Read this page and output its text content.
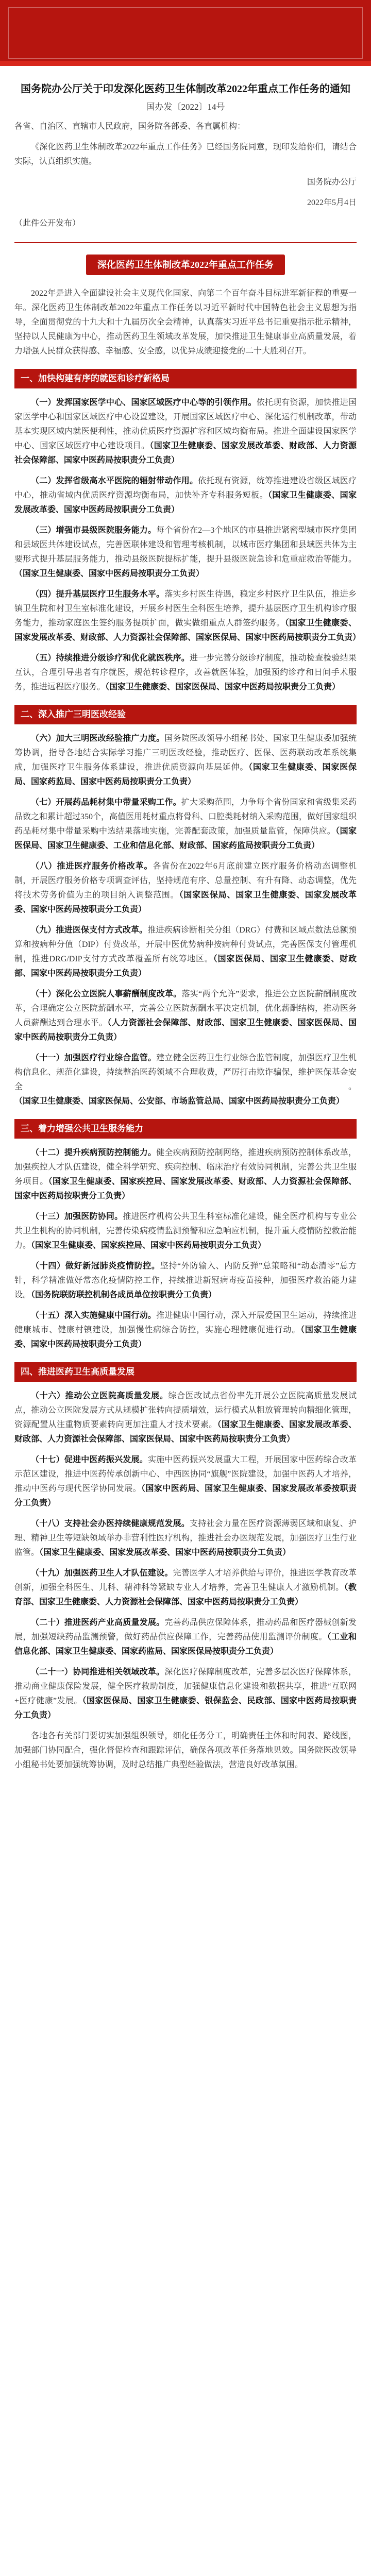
国务院办公厅关于印发深化医药卫生体制改革2022年重点工作任务的通知
国办发〔2022〕14号

各省、自治区、直辖市人民政府，国务院各部委、各直属机构：

《深化医药卫生体制改革2022年重点工作任务》已经国务院同意，现印发给你们，请结合实际，认真组织实施。

国务院办公厅

2022年5月4日

（此件公开发布）

深化医药卫生体制改革2022年重点工作任务

2022年是进入全面建设社会主义现代化国家、向第二个百年奋斗目标进军新征程的重要一年。深化医药卫生体制改革2022年重点工作任务以习近平新时代中国特色社会主义思想为指导，全面贯彻党的十九大和十九届历次全会精神，认真落实习近平总书记重要指示批示精神，坚持以人民健康为中心，推动医药卫生领域改革发展，加快推进卫生健康事业高质量发展，着力增强人民群众获得感、幸福感、安全感，以优异成绩迎接党的二十大胜利召开。

一、加快构建有序的就医和诊疗新格局

（一）发挥国家医学中心、国家区域医疗中心等的引领作用。依托现有资源，加快推进国家医学中心和国家区域医疗中心设置建设，开展国家区域医疗中心、深化运行机制改革，带动基本实现区域内就医便利性，推动优质医疗资源扩容和区域均衡布局。推进全面建设国家医学中心、国家区域医疗中心建设项目。（国家卫生健康委、国家发展改革委、财政部、人力资源社会保障部、国家中医药局按职责分工负责）

（二）发挥省级高水平医院的辐射带动作用。依托现有资源，统筹推进建设省级区域医疗中心，推动省域内优质医疗资源均衡布局，加快补齐专科服务短板。（国家卫生健康委、国家发展改革委、国家中医药局按职责分工负责）

（三）增强市县级医院服务能力。每个省份在2—3个地区的市县推进紧密型城市医疗集团和县域医共体建设试点，完善医联体建设和管理考核机制，以城市医疗集团和县域医共体为主要形式提升基层服务能力，推动县级医院提标扩能，提升县级医院急诊和危重症救治等能力。（国家卫生健康委、国家中医药局按职责分工负责）

（四）提升基层医疗卫生服务水平。落实乡村医生待遇，稳定乡村医疗卫生队伍，推进乡镇卫生院和村卫生室标准化建设，开展乡村医生全科医生培养，提升基层医疗卫生机构诊疗服务能力，推动家庭医生签约服务提质扩面，做实做细重点人群签约服务。（国家卫生健康委、国家发展改革委、财政部、人力资源社会保障部、国家医保局、国家中医药局按职责分工负责）

（五）持续推进分级诊疗和优化就医秩序。进一步完善分级诊疗制度，推动检查检验结果互认，合理引导患者有序就医，规范转诊程序，改善就医体验，加强预约诊疗和日间手术服务，推进远程医疗服务。（国家卫生健康委、国家医保局、国家中医药局按职责分工负责）

二、深入推广三明医改经验

（六）加大三明医改经验推广力度。国务院医改领导小组秘书处、国家卫生健康委加强统筹协调，指导各地结合实际学习推广三明医改经验，推动医疗、医保、医药联动改革系统集成，加强医疗卫生服务体系建设，推进优质资源向基层延伸。（国家卫生健康委、国家医保局、国家药监局、国家中医药局按职责分工负责）

（七）开展药品耗材集中带量采购工作。扩大采购范围，力争每个省份国家和省级集采药品数之和累计超过350个，高值医用耗材重点将骨科、口腔类耗材纳入采购范围，做好国家组织药品耗材集中带量采购中选结果落地实施，完善配套政策，加强质量监管，保障供应。（国家医保局、国家卫生健康委、工业和信息化部、财政部、国家药监局按职责分工负责）

（八）推进医疗服务价格改革。各省份在2022年6月底前建立医疗服务价格动态调整机制，开展医疗服务价格专项调查评估，坚持规范有序、总量控制、有升有降、动态调整，优先将技术劳务价值为主的项目纳入调整范围。（国家医保局、国家卫生健康委、国家发展改革委、国家中医药局按职责分工负责）

（九）推进医保支付方式改革。推进疾病诊断相关分组（DRG）付费和区域点数法总额预算和按病种分值（DIP）付费改革，开展中医优势病种按病种付费试点，完善医保支付管理机制，推进DRG/DIP支付方式改革覆盖所有统筹地区。（国家医保局、国家卫生健康委、财政部、国家中医药局按职责分工负责）

（十）深化公立医院人事薪酬制度改革。落实“两个允许”要求，推进公立医院薪酬制度改革，合理确定公立医院薪酬水平，完善公立医院薪酬水平决定机制，优化薪酬结构，推动医务人员薪酬达到合理水平。（人力资源社会保障部、财政部、国家卫生健康委、国家医保局、国家中医药局按职责分工负责）

（十一）加强医疗行业综合监管。建立健全医药卫生行业综合监管制度，加强医疗卫生机构信息化、规范化建设，持续整治医药领域不合理收费，严厉打击欺诈骗保，维护医保基金安全。（国家卫生健康委、国家医保局、公安部、市场监管总局、国家中医药局按职责分工负责）

三、着力增强公共卫生服务能力

（十二）提升疾病预防控制能力。健全疾病预防控制网络，推进疾病预防控制体系改革，加强疾控人才队伍建设，健全科学研究、疾病控制、临床治疗有效协同机制，完善公共卫生服务项目。（国家卫生健康委、国家疾控局、国家发展改革委、财政部、人力资源社会保障部、国家中医药局按职责分工负责）

（十三）加强医防协同。推进医疗机构公共卫生科室标准化建设，健全医疗机构与专业公共卫生机构的协同机制，完善传染病疫情监测预警和应急响应机制，提升重大疫情防控救治能力。（国家卫生健康委、国家疾控局、国家中医药局按职责分工负责）

（十四）做好新冠肺炎疫情防控。坚持“外防输入、内防反弹”总策略和“动态清零”总方针，科学精准做好常态化疫情防控工作，持续推进新冠病毒疫苗接种，加强医疗救治能力建设。（国务院联防联控机制各成员单位按职责分工负责）

（十五）深入实施健康中国行动。推进健康中国行动，深入开展爱国卫生运动，持续推进健康城市、健康村镇建设，加强慢性病综合防控，实施心理健康促进行动。（国家卫生健康委、国家中医药局按职责分工负责）

四、推进医药卫生高质量发展

（十六）推动公立医院高质量发展。综合医改试点省份率先开展公立医院高质量发展试点，推动公立医院发展方式从规模扩张转向提质增效，运行模式从粗放管理转向精细化管理，资源配置从注重物质要素转向更加注重人才技术要素。（国家卫生健康委、国家发展改革委、财政部、人力资源社会保障部、国家医保局、国家中医药局按职责分工负责）

（十七）促进中医药振兴发展。实施中医药振兴发展重大工程，开展国家中医药综合改革示范区建设，推进中医药传承创新中心、中西医协同“旗舰”医院建设，加强中医药人才培养，推动中医药与现代医学协同发展。（国家中医药局、国家卫生健康委、国家发展改革委按职责分工负责）

（十八）支持社会办医持续健康规范发展。支持社会力量在医疗资源薄弱区域和康复、护理、精神卫生等短缺领域举办非营利性医疗机构，推进社会办医规范发展，加强医疗卫生行业监管。（国家卫生健康委、国家发展改革委、国家中医药局按职责分工负责）

（十九）加强医药卫生人才队伍建设。完善医学人才培养供给与评价，推进医学教育改革创新，加强全科医生、儿科、精神科等紧缺专业人才培养，完善卫生健康人才激励机制。（教育部、国家卫生健康委、人力资源社会保障部、国家中医药局按职责分工负责）

（二十）推进医药产业高质量发展。完善药品供应保障体系，推动药品和医疗器械创新发展，加强短缺药品监测预警，做好药品供应保障工作，完善药品使用监测评价制度。（工业和信息化部、国家卫生健康委、国家药监局、国家医保局按职责分工负责）

（二十一）协同推进相关领域改革。深化医疗保障制度改革，完善多层次医疗保障体系，推动商业健康保险发展，健全医疗救助制度，加强健康信息化建设和数据共享，推进“互联网+医疗健康”发展。（国家医保局、国家卫生健康委、银保监会、民政部、国家中医药局按职责分工负责）

各地各有关部门要切实加强组织领导，细化任务分工，明确责任主体和时间表、路线图，加强部门协同配合，强化督促检查和跟踪评估，确保各项改革任务落地见效。国务院医改领导小组秘书处要加强统筹协调，及时总结推广典型经验做法，营造良好改革氛围。
